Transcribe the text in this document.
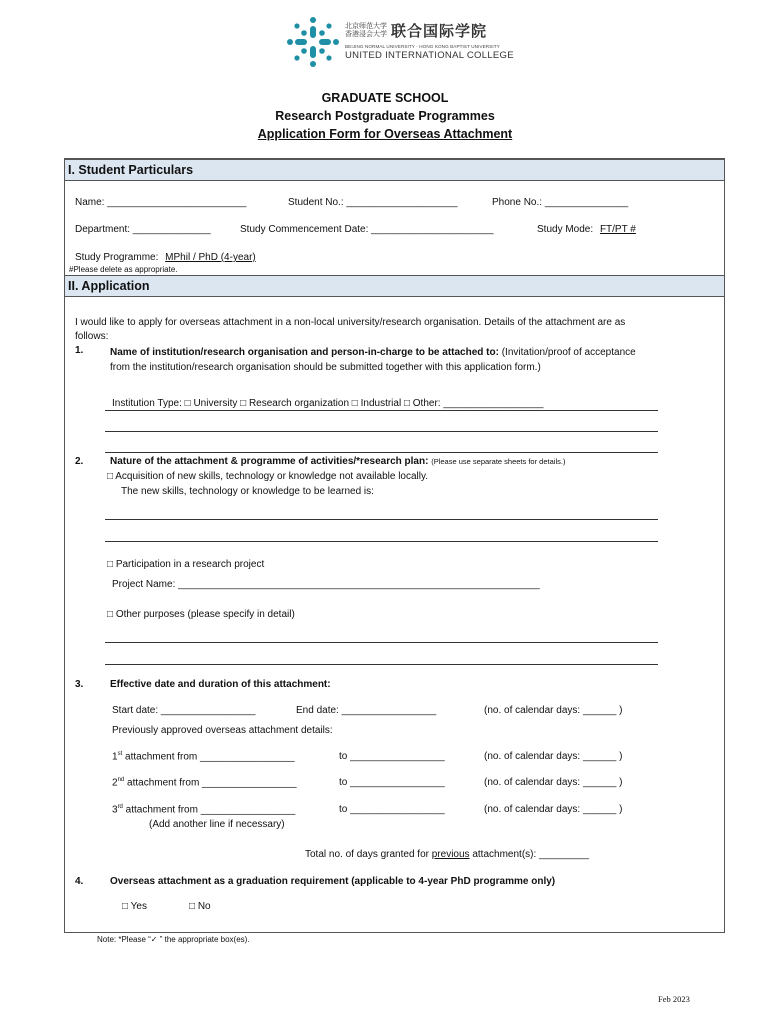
北京师范大学
香港浸会大学 联合国际学院
BEIJING NORMAL UNIVERSITY · HONG KONG BAPTIST UNIVERSITY
UNITED INTERNATIONAL COLLEGE
GRADUATE SCHOOL
Research Postgraduate Programmes
Application Form for Overseas Attachment
I. Student Particulars
Name: _________________________	Student No.: ____________________	Phone No.: _______________
Department: ______________	Study Commencement Date: ______________________	Study Mode: FT/PT #
Study Programme: MPhil / PhD (4-year)
#Please delete as appropriate.
II. Application
I would like to apply for overseas attachment in a non-local university/research organisation. Details of the attachment are as follows:
1.	Name of institution/research organisation and person-in-charge to be attached to: (Invitation/proof of acceptance from the institution/research organisation should be submitted together with this application form.)
Institution Type: □ University □ Research organization □ Industrial □ Other: __________________
2.	Nature of the attachment & programme of activities/*research plan: (Please use separate sheets for details.)
□ Acquisition of new skills, technology or knowledge not available locally.
The new skills, technology or knowledge to be learned is:
□ Participation in a research project
Project Name: _________________________________________________________________
□ Other purposes (please specify in detail)
3.	Effective date and duration of this attachment:
Start date: _________________	End date: _________________	(no. of calendar days: ______ )
Previously approved overseas attachment details:
1st attachment from _________________	to _________________	(no. of calendar days: ______ )
2nd attachment from _________________	to _________________	(no. of calendar days: ______ )
3rd attachment from _________________	to _________________	(no. of calendar days: ______ )
(Add another line if necessary)
Total no. of days granted for previous attachment(s): _________
4.	Overseas attachment as a graduation requirement (applicable to 4-year PhD programme only)
□ Yes	□ No
Note: *Please “✓ ” the appropriate box(es).
Feb 2023
